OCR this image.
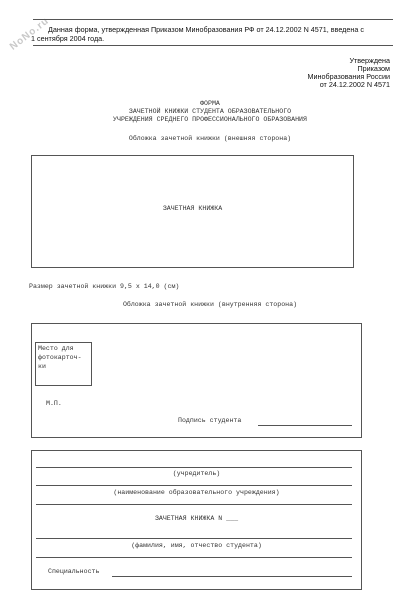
NoNo.ru
Данная форма, утвержденная Приказом Минобразования РФ от 24.12.2002 N 4571, введена с
1 сентября 2004 года.
Утверждена
Приказом
Минобразования России
от 24.12.2002 N 4571
ФОРМА
ЗАЧЕТНОЙ КНИЖКИ СТУДЕНТА ОБРАЗОВАТЕЛЬНОГО
УЧРЕЖДЕНИЯ СРЕДНЕГО ПРОФЕССИОНАЛЬНОГО ОБРАЗОВАНИЯ
Обложка зачетной книжки (внешняя сторона)
ЗАЧЕТНАЯ КНИЖКА
Размер зачетной книжки 9,5 x 14,0 (см)
Обложка зачетной книжки (внутренняя сторона)
Место для
фотокарточ-
ки
М.П.
Подпись студента
(учредитель)
(наименование образовательного учреждения)
ЗАЧЕТНАЯ КНИЖКА N ___
(фамилия, имя, отчество студента)
Специальность
